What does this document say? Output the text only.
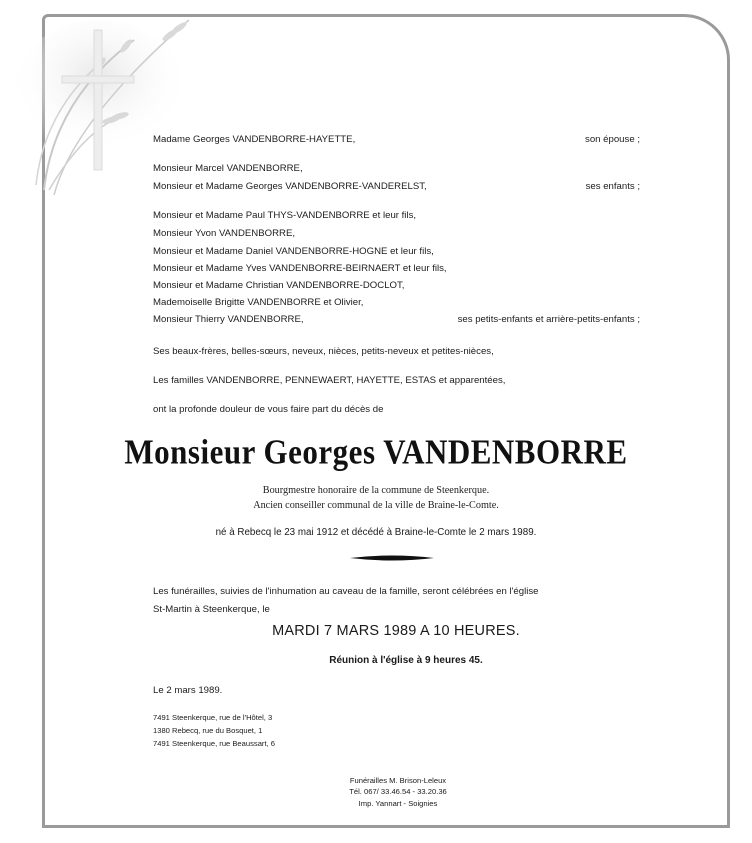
Madame Georges VANDENBORRE-HAYETTE,	son épouse ;
Monsieur Marcel VANDENBORRE,
Monsieur et Madame Georges VANDENBORRE-VANDERELST,	ses enfants ;
Monsieur et Madame Paul THYS-VANDENBORRE et leur fils,
Monsieur Yvon VANDENBORRE,
Monsieur et Madame Daniel VANDENBORRE-HOGNE et leur fils,
Monsieur et Madame Yves VANDENBORRE-BEIRNAERT et leur fils,
Monsieur et Madame Christian VANDENBORRE-DOCLOT,
Mademoiselle Brigitte VANDENBORRE et Olivier,
Monsieur Thierry VANDENBORRE,	ses petits-enfants et arrière-petits-enfants ;
Ses beaux-frères, belles-sœurs, neveux, nièces, petits-neveux et petites-nièces,
Les familles VANDENBORRE, PENNEWAERT, HAYETTE, ESTAS et apparentées,
ont la profonde douleur de vous faire part du décès de
Monsieur Georges VANDENBORRE
Bourgmestre honoraire de la commune de Steenkerque.
Ancien conseiller communal de la ville de Braine-le-Comte.
né à Rebecq le 23 mai 1912 et décédé à Braine-le-Comte le 2 mars 1989.
Les funérailles, suivies de l'inhumation au caveau de la famille, seront célébrées en l'église
St-Martin à Steenkerque, le
MARDI 7 MARS 1989 A 10 HEURES.
Réunion à l'église à 9 heures 45.
Le 2 mars 1989.
7491 Steenkerque, rue de l'Hôtel, 3
1380 Rebecq, rue du Bosquet, 1
7491 Steenkerque, rue Beaussart, 6
Funérailles M. Brison-Leleux
Tél. 067/ 33.46.54 - 33.20.36
Imp. Yannart - Soignies
